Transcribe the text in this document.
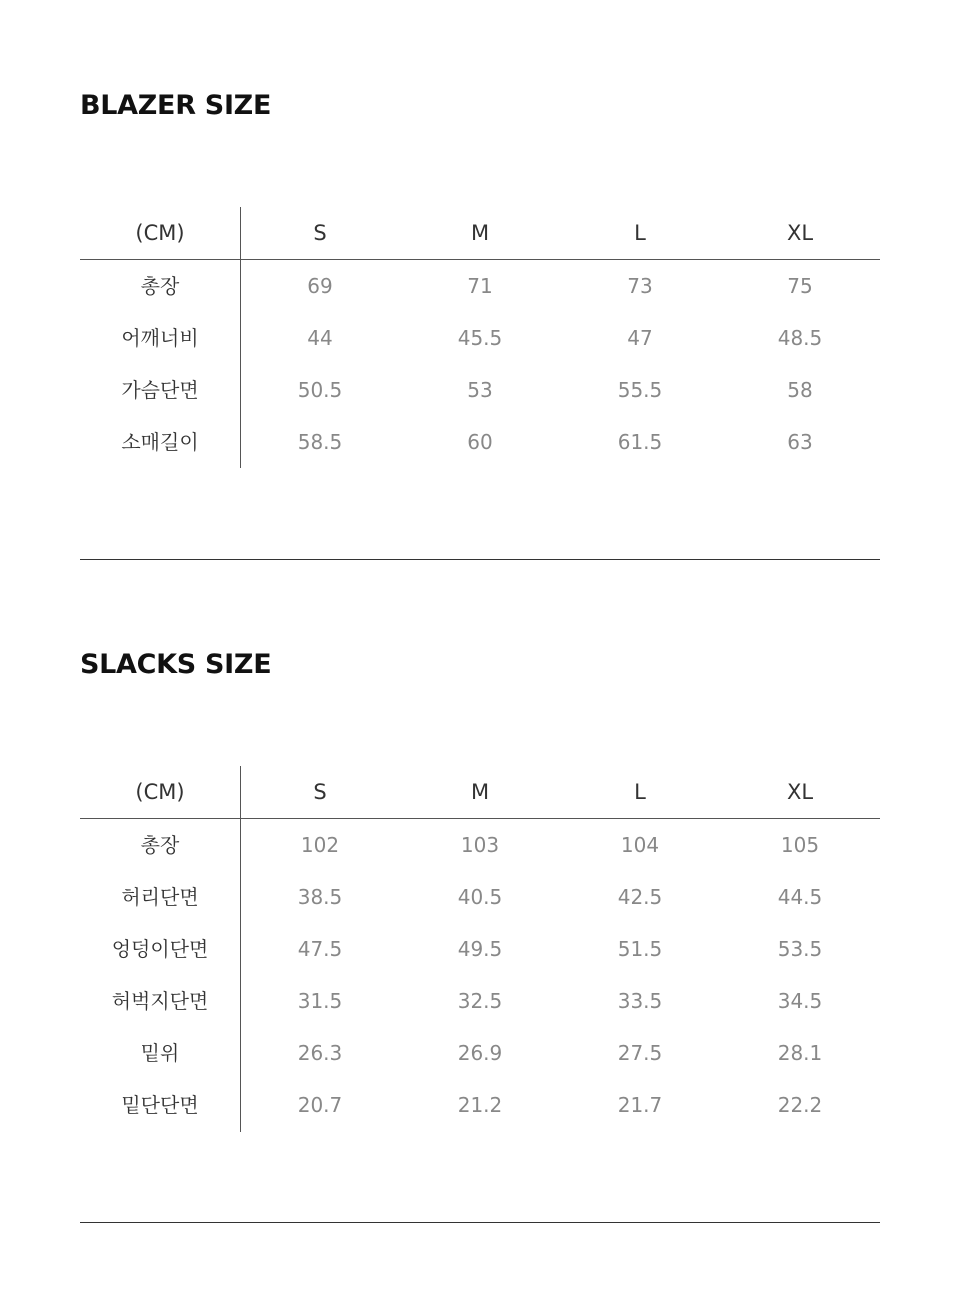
BLAZER SIZE
(CM)	S	M	L	XL
총장	69	71	73	75
어깨너비	44	45.5	47	48.5
가슴단면	50.5	53	55.5	58
소매길이	58.5	60	61.5	63
SLACKS SIZE
(CM)	S	M	L	XL
총장	102	103	104	105
허리단면	38.5	40.5	42.5	44.5
엉덩이단면	47.5	49.5	51.5	53.5
허벅지단면	31.5	32.5	33.5	34.5
밑위	26.3	26.9	27.5	28.1
밑단단면	20.7	21.2	21.7	22.2
